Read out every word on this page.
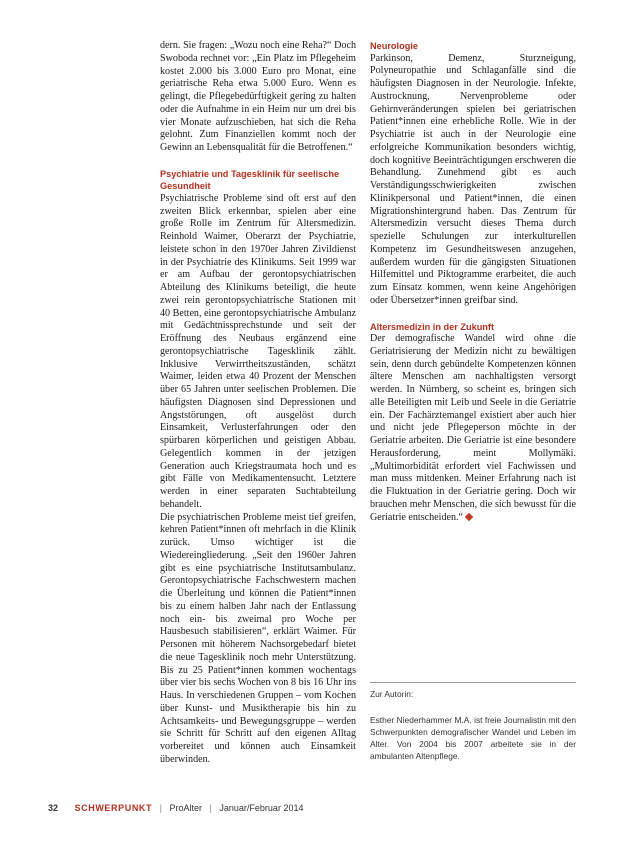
dern. Sie fragen: „Wozu noch eine Reha?“ Doch Swoboda rechnet vor: „Ein Platz im Pflegeheim kostet 2.000 bis 3.000 Euro pro Monat, eine geriatrische Reha etwa 5.000 Euro. Wenn es gelingt, die Pflegebedürftigkeit gering zu halten oder die Aufnahme in ein Heim nur um drei bis vier Monate aufzuschieben, hat sich die Reha gelohnt. Zum Finanziellen kommt noch der Gewinn an Lebensqualität für die Betroffenen.“

Psychiatrie und Tagesklinik für seelische Gesundheit

Psychiatrische Probleme sind oft erst auf den zweiten Blick erkennbar, spielen aber eine große Rolle im Zentrum für Altersmedizin. Reinhold Waimer, Oberarzt der Psychiatrie, leistete schon in den 1970er Jahren Zivildienst in der Psychiatrie des Klinikums. Seit 1999 war er am Aufbau der gerontopsychiatrischen Abteilung des Klinikums beteiligt, die heute zwei rein gerontopsychiatrische Stationen mit 40 Betten, eine gerontopsychiatrische Ambulanz mit Gedächtnissprechstunde und seit der Eröffnung des Neubaus ergänzend eine gerontopsychiatrische Tagesklinik zählt. Inklusive Verwirrtheitszuständen, schätzt Waimer, leiden etwa 40 Prozent der Menschen über 65 Jahren unter seelischen Problemen. Die häufigsten Diagnosen sind Depressionen und Angststörungen, oft ausgelöst durch Einsamkeit, Verlusterfahrungen oder den spürbaren körperlichen und geistigen Abbau. Gelegentlich kommen in der jetzigen Generation auch Kriegstraumata hoch und es gibt Fälle von Medikamentensucht. Letztere werden in einer separaten Suchtabteilung behandelt.

Die psychiatrischen Probleme meist tief greifen, kehren Patient*innen oft mehrfach in die Klinik zurück. Umso wichtiger ist die Wiedereingliederung. „Seit den 1960er Jahren gibt es eine psychiatrische Institutsambulanz. Gerontopsychiatrische Fachschwestern machen die Überleitung und können die Patient*innen bis zu einem halben Jahr nach der Entlassung noch ein- bis zweimal pro Woche per Hausbesuch stabilisieren“, erklärt Waimer. Für Personen mit höherem Nachsorgebedarf bietet die neue Tagesklinik noch mehr Unterstützung. Bis zu 25 Patient*innen kommen wochentags über vier bis sechs Wochen von 8 bis 16 Uhr ins Haus. In verschiedenen Gruppen – vom Kochen über Kunst- und Musiktherapie bis hin zu Achtsamkeits- und Bewegungsgruppe – werden sie Schritt für Schritt auf den eigenen Alltag vorbereitet und können auch Einsamkeit überwinden.

Neurologie

Parkinson, Demenz, Sturzneigung, Polyneuropathie und Schlaganfälle sind die häufigsten Diagnosen in der Neurologie. Infekte, Austrocknung, Nervenprobleme oder Gehirnveränderungen spielen bei geriatrischen Patient*innen eine erhebliche Rolle. Wie in der Psychiatrie ist auch in der Neurologie eine erfolgreiche Kommunikation besonders wichtig, doch kognitive Beeinträchtigungen erschweren die Behandlung. Zunehmend gibt es auch Verständigungsschwierigkeiten zwischen Klinikpersonal und Patient*innen, die einen Migrationshintergrund haben. Das Zentrum für Altersmedizin versucht dieses Thema durch spezielle Schulungen zur interkulturellen Kompetenz im Gesundheitswesen anzugehen, außerdem wurden für die gängigsten Situationen Hilfemittel und Piktogramme erarbeitet, die auch zum Einsatz kommen, wenn keine Angehörigen oder Übersetzer*innen greifbar sind.

Altersmedizin in der Zukunft

Der demografische Wandel wird ohne die Geriatrisierung der Medizin nicht zu bewältigen sein, denn durch gebündelte Kompetenzen können ältere Menschen am nachhaltigsten versorgt werden. In Nürnberg, so scheint es, bringen sich alle Beteiligten mit Leib und Seele in die Geriatrie ein. Der Fachärztemangel existiert aber auch hier und nicht jede Pflegeperson möchte in der Geriatrie arbeiten. Die Geriatrie ist eine besondere Herausforderung, meint Mollymäki. „Multimorbidität erfordert viel Fachwissen und man muss mitdenken. Meiner Erfahrung nach ist die Fluktuation in der Geriatrie gering. Doch wir brauchen mehr Menschen, die sich bewusst für die Geriatrie entscheiden.“

Zur Autorin:

Esther Niederhammer M.A. ist freie Journalistin mit den Schwerpunkten demografischer Wandel und Leben im Alter. Von 2004 bis 2007 arbeitete sie in der ambulanten Altenpflege.

32 SCHWERPUNKT | ProAlter | Januar/Februar 2014
